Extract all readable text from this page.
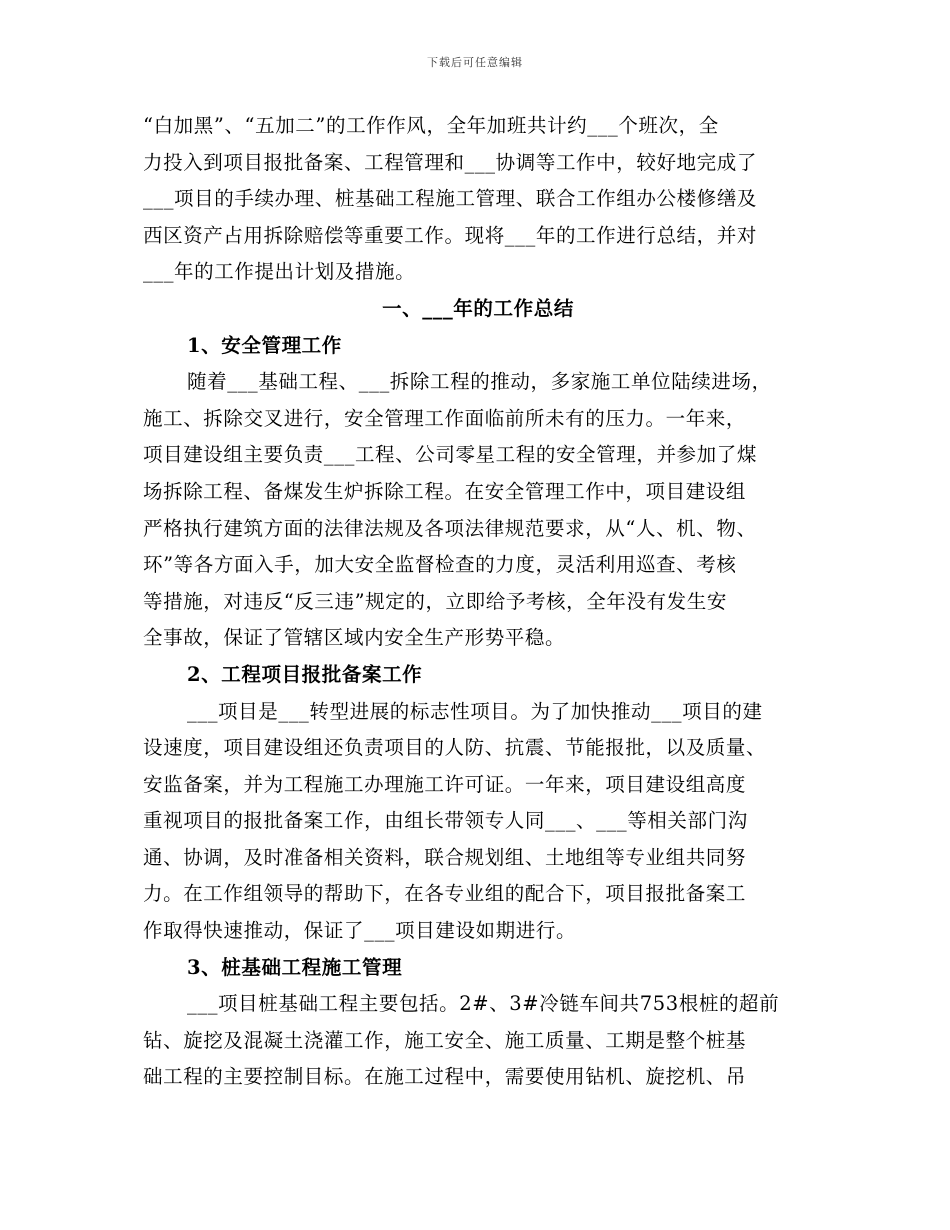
下载后可任意编辑
“白加黑”、“五加二”的工作作风，全年加班共计约___个班次，全
力投入到项目报批备案、工程管理和___协调等工作中，较好地完成了
___项目的手续办理、桩基础工程施工管理、联合工作组办公楼修缮及
西区资产占用拆除赔偿等重要工作。现将___年的工作进行总结，并对
___年的工作提出计划及措施。
一、___年的工作总结
1、安全管理工作
随着___基础工程、___拆除工程的推动，多家施工单位陆续进场，
施工、拆除交叉进行，安全管理工作面临前所未有的压力。一年来，
项目建设组主要负责___工程、公司零星工程的安全管理，并参加了煤
场拆除工程、备煤发生炉拆除工程。在安全管理工作中，项目建设组
严格执行建筑方面的法律法规及各项法律规范要求，从“人、机、物、
环”等各方面入手，加大安全监督检查的力度，灵活利用巡查、考核
等措施，对违反“反三违”规定的，立即给予考核，全年没有发生安
全事故，保证了管辖区域内安全生产形势平稳。
2、工程项目报批备案工作
___项目是___转型进展的标志性项目。为了加快推动___项目的建
设速度，项目建设组还负责项目的人防、抗震、节能报批，以及质量、
安监备案，并为工程施工办理施工许可证。一年来，项目建设组高度
重视项目的报批备案工作，由组长带领专人同___、___等相关部门沟
通、协调，及时准备相关资料，联合规划组、土地组等专业组共同努
力。在工作组领导的帮助下，在各专业组的配合下，项目报批备案工
作取得快速推动，保证了___项目建设如期进行。
3、桩基础工程施工管理
___项目桩基础工程主要包括。2#、3#冷链车间共753根桩的超前
钻、旋挖及混凝土浇灌工作，施工安全、施工质量、工期是整个桩基
础工程的主要控制目标。在施工过程中，需要使用钻机、旋挖机、吊
